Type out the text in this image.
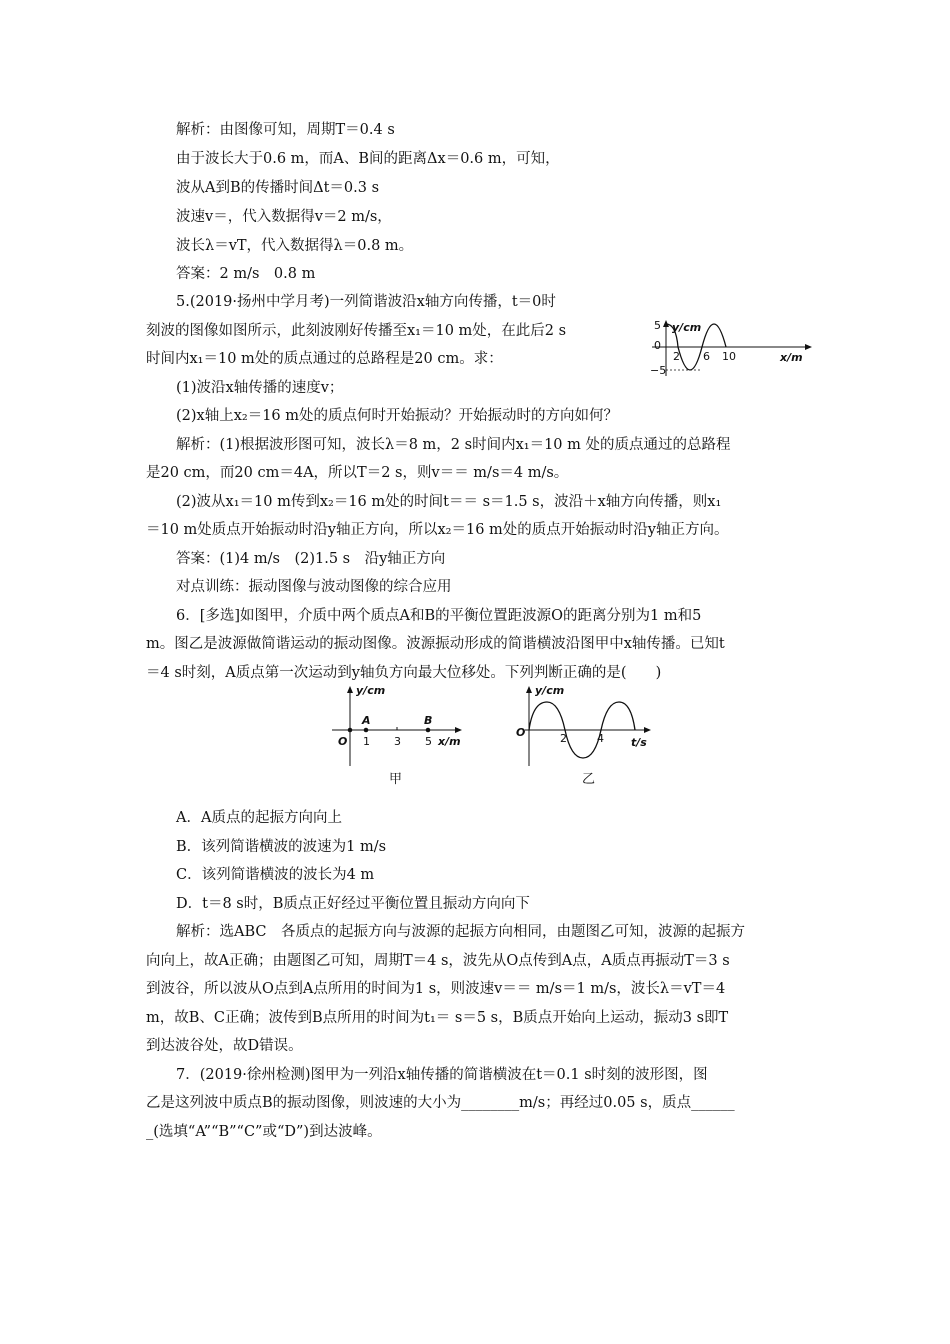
解析：由图像可知，周期T＝0.4 s
由于波长大于0.6 m，而A、B间的距离Δx＝0.6 m，可知，
波从A到B的传播时间Δt＝0.3 s
波速v＝，代入数据得v＝2 m/s，
波长λ＝vT，代入数据得λ＝0.8 m。
答案：2 m/s　0.8 m
5.(2019·扬州中学月考)一列简谐波沿x轴方向传播，t＝0时
刻波的图像如图所示，此刻波刚好传播至x₁＝10 m处，在此后2 s
时间内x₁＝10 m处的质点通过的总路程是20 cm。求：
(1)波沿x轴传播的速度v；
(2)x轴上x₂＝16 m处的质点何时开始振动？开始振动时的方向如何？
解析：(1)根据波形图可知，波长λ＝8 m，2 s时间内x₁＝10 m 处的质点通过的总路程
是20 cm，而20 cm＝4A，所以T＝2 s，则v＝＝ m/s＝4 m/s。
(2)波从x₁＝10 m传到x₂＝16 m处的时间t＝＝ s＝1.5 s，波沿＋x轴方向传播，则x₁
＝10 m处质点开始振动时沿y轴正方向，所以x₂＝16 m处的质点开始振动时沿y轴正方向。
答案：(1)4 m/s　(2)1.5 s　沿y轴正方向
对点训练：振动图像与波动图像的综合应用
6．[多选]如图甲，介质中两个质点A和B的平衡位置距波源O的距离分别为1 m和5
m。图乙是波源做简谐运动的振动图像。波源振动形成的简谐横波沿图甲中x轴传播。已知t
＝4 s时刻，A质点第一次运动到y轴负方向最大位移处。下列判断正确的是(　　)
A．A质点的起振方向向上
B．该列简谐横波的波速为1 m/s
C．该列简谐横波的波长为4 m
D．t＝8 s时，B质点正好经过平衡位置且振动方向向下
解析：选ABC　各质点的起振方向与波源的起振方向相同，由题图乙可知，波源的起振方
向向上，故A正确；由题图乙可知，周期T＝4 s，波先从O点传到A点，A质点再振动T＝3 s
到波谷，所以波从O点到A点所用的时间为1 s，则波速v＝＝ m/s＝1 m/s，波长λ＝vT＝4
m，故B、C正确；波传到B点所用的时间为t₁＝ s＝5 s，B质点开始向上运动，振动3 s即T
到达波谷处，故D错误。
7．(2019·徐州检测)图甲为一列沿x轴传播的简谐横波在t＝0.1 s时刻的波形图，图
乙是这列波中质点B的振动图像，则波速的大小为________m/s；再经过0.05 s，质点______
_(选填“A”“B”“C”或“D”)到达波峰。
y/cm
5
0
2 6 10
−5
x/m
y/cm
A	B
O 1 3 5 x/m
甲
y/cm
O	2	4 t/s
乙
